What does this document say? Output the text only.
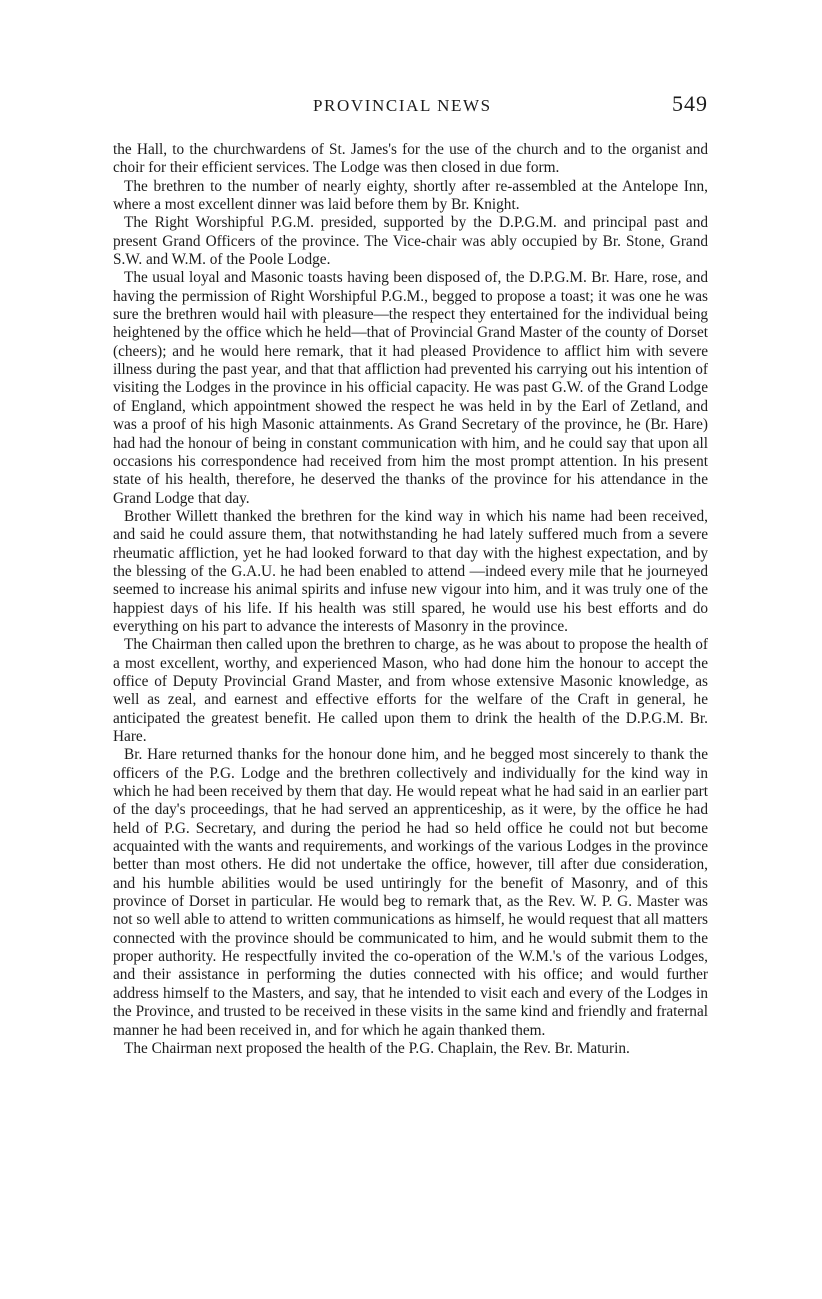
PROVINCIAL NEWS	549

the Hall, to the churchwardens of St. James's for the use of the church and to the organist and choir for their efficient services. The Lodge was then closed in due form.

The brethren to the number of nearly eighty, shortly after re-assembled at the Antelope Inn, where a most excellent dinner was laid before them by Br. Knight.

The Right Worshipful P.G.M. presided, supported by the D.P.G.M. and principal past and present Grand Officers of the province. The Vice-chair was ably occupied by Br. Stone, Grand S.W. and W.M. of the Poole Lodge.

The usual loyal and Masonic toasts having been disposed of, the D.P.G.M. Br. Hare, rose, and having the permission of Right Worshipful P.G.M., begged to propose a toast; it was one he was sure the brethren would hail with pleasure—the respect they entertained for the individual being heightened by the office which he held—that of Provincial Grand Master of the county of Dorset (cheers); and he would here remark, that it had pleased Providence to afflict him with severe illness during the past year, and that that affliction had prevented his carrying out his intention of visiting the Lodges in the province in his official capacity. He was past G.W. of the Grand Lodge of England, which appointment showed the respect he was held in by the Earl of Zetland, and was a proof of his high Masonic attainments. As Grand Secretary of the province, he (Br. Hare) had had the honour of being in constant communication with him, and he could say that upon all occasions his correspondence had received from him the most prompt attention. In his present state of his health, therefore, he deserved the thanks of the province for his attendance in the Grand Lodge that day.

Brother Willett thanked the brethren for the kind way in which his name had been received, and said he could assure them, that notwithstanding he had lately suffered much from a severe rheumatic affliction, yet he had looked forward to that day with the highest expectation, and by the blessing of the G.A.U. he had been enabled to attend —indeed every mile that he journeyed seemed to increase his animal spirits and infuse new vigour into him, and it was truly one of the happiest days of his life. If his health was still spared, he would use his best efforts and do everything on his part to advance the interests of Masonry in the province.

The Chairman then called upon the brethren to charge, as he was about to propose the health of a most excellent, worthy, and experienced Mason, who had done him the honour to accept the office of Deputy Provincial Grand Master, and from whose extensive Masonic knowledge, as well as zeal, and earnest and effective efforts for the welfare of the Craft in general, he anticipated the greatest benefit. He called upon them to drink the health of the D.P.G.M. Br. Hare.

Br. Hare returned thanks for the honour done him, and he begged most sincerely to thank the officers of the P.G. Lodge and the brethren collectively and individually for the kind way in which he had been received by them that day. He would repeat what he had said in an earlier part of the day's proceedings, that he had served an apprenticeship, as it were, by the office he had held of P.G. Secretary, and during the period he had so held office he could not but become acquainted with the wants and requirements, and workings of the various Lodges in the province better than most others. He did not undertake the office, however, till after due consideration, and his humble abilities would be used untiringly for the benefit of Masonry, and of this province of Dorset in particular. He would beg to remark that, as the Rev. W. P. G. Master was not so well able to attend to written communications as himself, he would request that all matters connected with the province should be communicated to him, and he would submit them to the proper authority. He respectfully invited the co-operation of the W.M.'s of the various Lodges, and their assistance in performing the duties connected with his office; and would further address himself to the Masters, and say, that he intended to visit each and every of the Lodges in the Province, and trusted to be received in these visits in the same kind and friendly and fraternal manner he had been received in, and for which he again thanked them.

The Chairman next proposed the health of the P.G. Chaplain, the Rev. Br. Maturin.
